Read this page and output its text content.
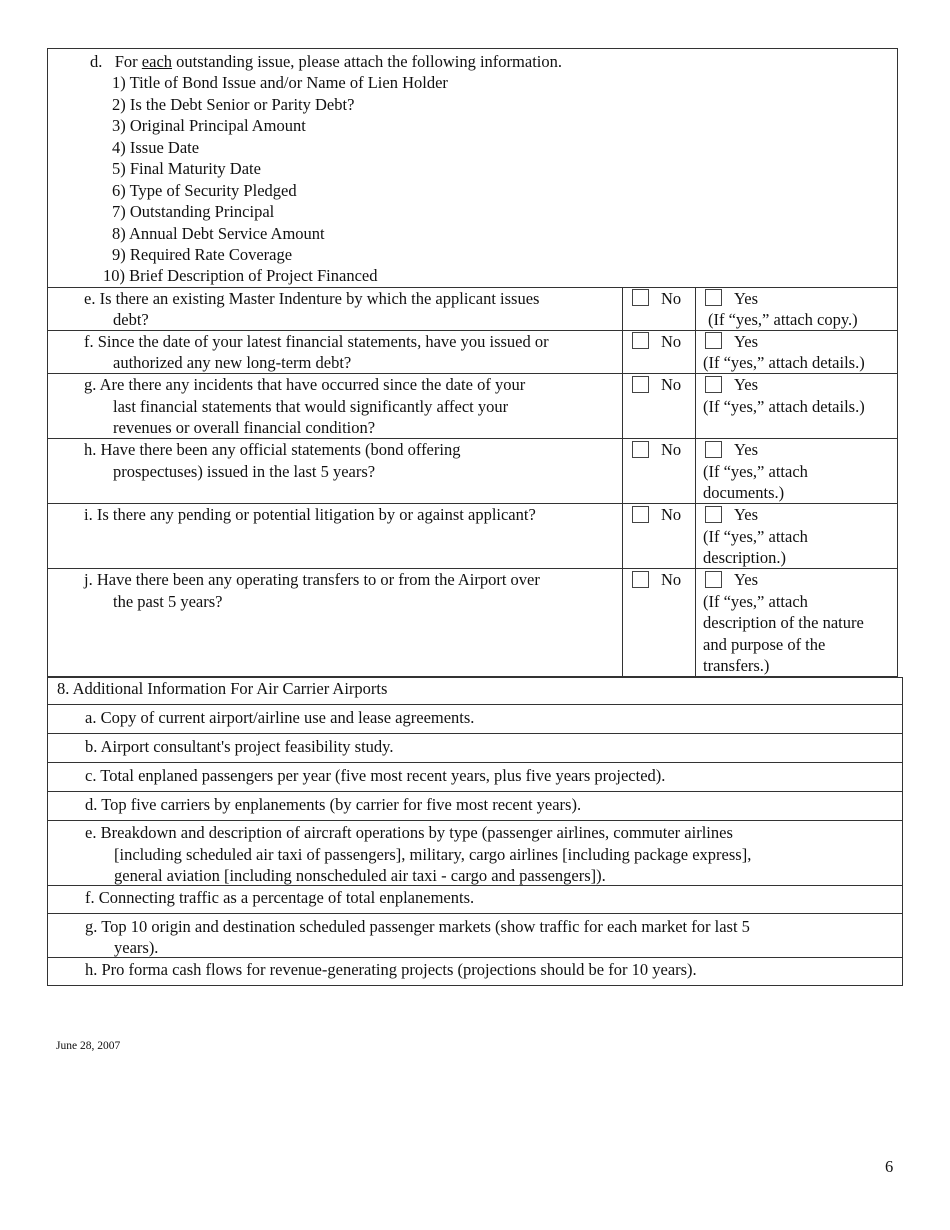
d. For each outstanding issue, please attach the following information.
1) Title of Bond Issue and/or Name of Lien Holder
2) Is the Debt Senior or Parity Debt?
3) Original Principal Amount
4) Issue Date
5) Final Maturity Date
6) Type of Security Pledged
7) Outstanding Principal
8) Annual Debt Service Amount
9) Required Rate Coverage
10) Brief Description of Project Financed
e. Is there an existing Master Indenture by which the applicant issues
debt?
No	Yes
(If “yes,” attach copy.)
f. Since the date of your latest financial statements, have you issued or
authorized any new long-term debt?
No	Yes
(If “yes,” attach details.)
g. Are there any incidents that have occurred since the date of your
last financial statements that would significantly affect your
revenues or overall financial condition?
No	Yes
(If “yes,” attach details.)
h. Have there been any official statements (bond offering
prospectuses) issued in the last 5 years?
No	Yes
(If “yes,” attach
documents.)
i. Is there any pending or potential litigation by or against applicant?	No	Yes
(If “yes,” attach
description.)
j. Have there been any operating transfers to or from the Airport over
the past 5 years?
No	Yes
(If “yes,” attach
description of the nature
and purpose of the
transfers.)
8. Additional Information For Air Carrier Airports
a. Copy of current airport/airline use and lease agreements.
b. Airport consultant's project feasibility study.
c. Total enplaned passengers per year (five most recent years, plus five years projected).
d. Top five carriers by enplanements (by carrier for five most recent years).
e. Breakdown and description of aircraft operations by type (passenger airlines, commuter airlines
[including scheduled air taxi of passengers], military, cargo airlines [including package express],
general aviation [including nonscheduled air taxi - cargo and passengers]).
f. Connecting traffic as a percentage of total enplanements.
g. Top 10 origin and destination scheduled passenger markets (show traffic for each market for last 5
years).
h. Pro forma cash flows for revenue-generating projects (projections should be for 10 years).
June 28, 2007
6
